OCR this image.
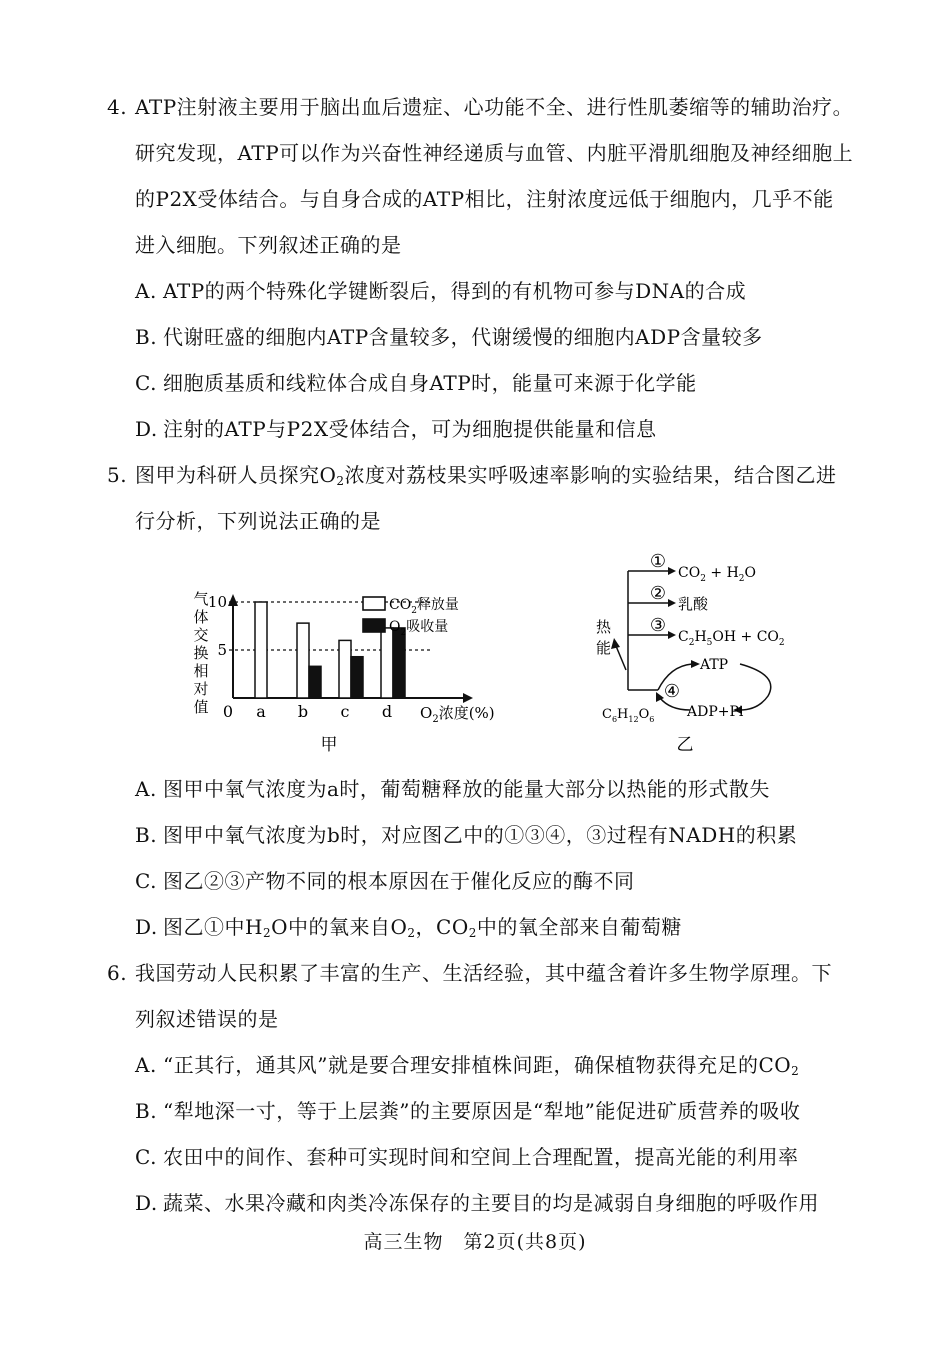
4. ATP注射液主要用于脑出血后遗症、心功能不全、进行性肌萎缩等的辅助治疗。
研究发现，ATP可以作为兴奋性神经递质与血管、内脏平滑肌细胞及神经细胞上
的P2X受体结合。与自身合成的ATP相比，注射浓度远低于细胞内，几乎不能
进入细胞。下列叙述正确的是
A. ATP的两个特殊化学键断裂后，得到的有机物可参与DNA的合成
B. 代谢旺盛的细胞内ATP含量较多，代谢缓慢的细胞内ADP含量较多
C. 细胞质基质和线粒体合成自身ATP时，能量可来源于化学能
D. 注射的ATP与P2X受体结合，可为细胞提供能量和信息
5. 图甲为科研人员探究$O_2$浓度对荔枝果实呼吸速率影响的实验结果，结合图乙进
行分析，下列说法正确的是
气
体
交
换
相
对
值
5
10
a b c d
0	$O_2$浓度(%)
$CO_2$释放量
$O_2$吸收量
甲
热
能
①
②
③
$CO_2 + H_2O$
乳酸
$C_2H_5OH + CO_2$
ATP
ADP+Pi
④
$C_6H_{12}O_6$
乙
A. 图甲中氧气浓度为a时，葡萄糖释放的能量大部分以热能的形式散失
B. 图甲中氧气浓度为b时，对应图乙中的①③④，③过程有NADH的积累
C. 图乙②③产物不同的根本原因在于催化反应的酶不同
D. 图乙①中$H_2O$中的氧来自$O_2$，$CO_2$中的氧全部来自葡萄糖
6. 我国劳动人民积累了丰富的生产、生活经验，其中蕴含着许多生物学原理。下
列叙述错误的是
A. “正其行，通其风”就是要合理安排植株间距，确保植物获得充足的$CO_2$
B. “犁地深一寸，等于上层粪”的主要原因是“犁地”能促进矿质营养的吸收
C. 农田中的间作、套种可实现时间和空间上合理配置，提高光能的利用率
D. 蔬菜、水果冷藏和肉类冷冻保存的主要目的均是减弱自身细胞的呼吸作用
高三生物　第2页(共8页)
